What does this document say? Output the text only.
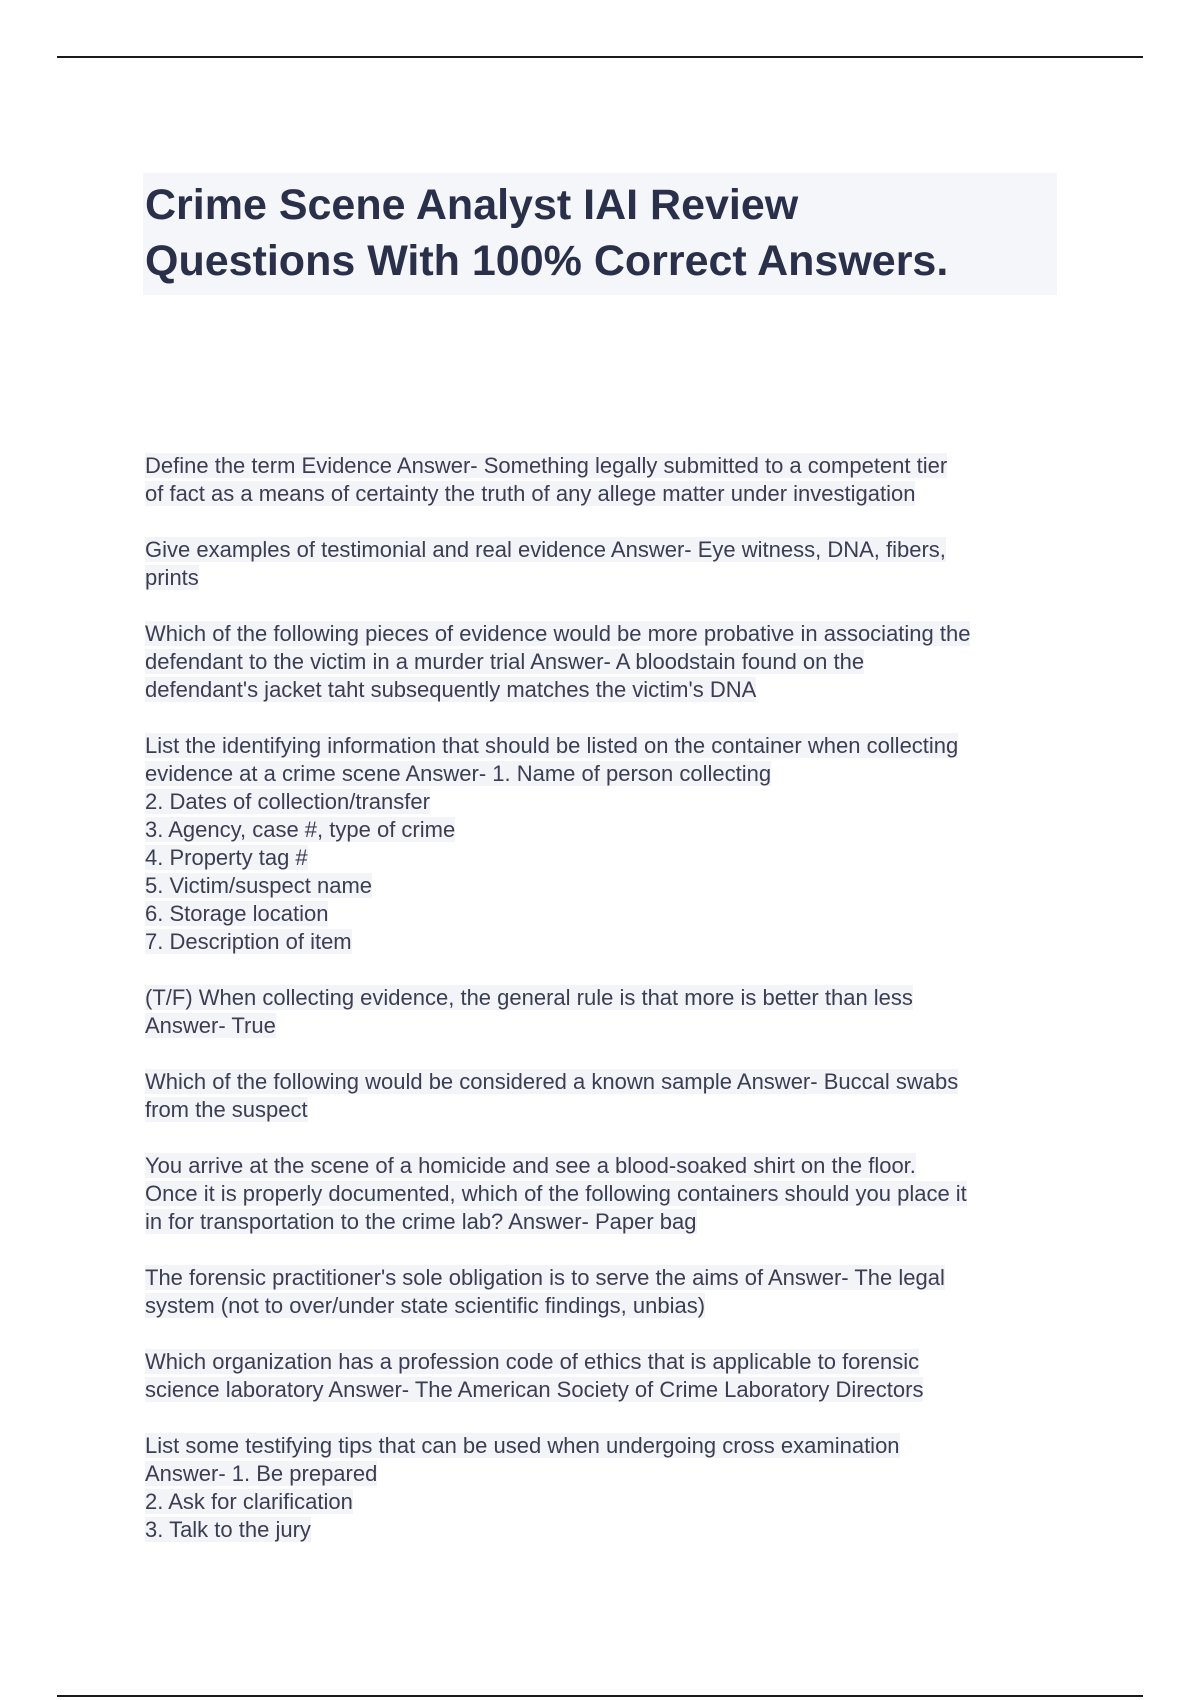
Crime Scene Analyst IAI Review
Questions With 100% Correct Answers.
Define the term Evidence Answer- Something legally submitted to a competent tier
of fact as a means of certainty the truth of any allege matter under investigation
Give examples of testimonial and real evidence Answer- Eye witness, DNA, fibers,
prints
Which of the following pieces of evidence would be more probative in associating the
defendant to the victim in a murder trial Answer- A bloodstain found on the
defendant's jacket taht subsequently matches the victim's DNA
List the identifying information that should be listed on the container when collecting
evidence at a crime scene Answer- 1. Name of person collecting
2. Dates of collection/transfer
3. Agency, case #, type of crime
4. Property tag #
5. Victim/suspect name
6. Storage location
7. Description of item
(T/F) When collecting evidence, the general rule is that more is better than less
Answer- True
Which of the following would be considered a known sample Answer- Buccal swabs
from the suspect
You arrive at the scene of a homicide and see a blood-soaked shirt on the floor.
Once it is properly documented, which of the following containers should you place it
in for transportation to the crime lab? Answer- Paper bag
The forensic practitioner's sole obligation is to serve the aims of Answer- The legal
system (not to over/under state scientific findings, unbias)
Which organization has a profession code of ethics that is applicable to forensic
science laboratory Answer- The American Society of Crime Laboratory Directors
List some testifying tips that can be used when undergoing cross examination
Answer- 1. Be prepared
2. Ask for clarification
3. Talk to the jury
